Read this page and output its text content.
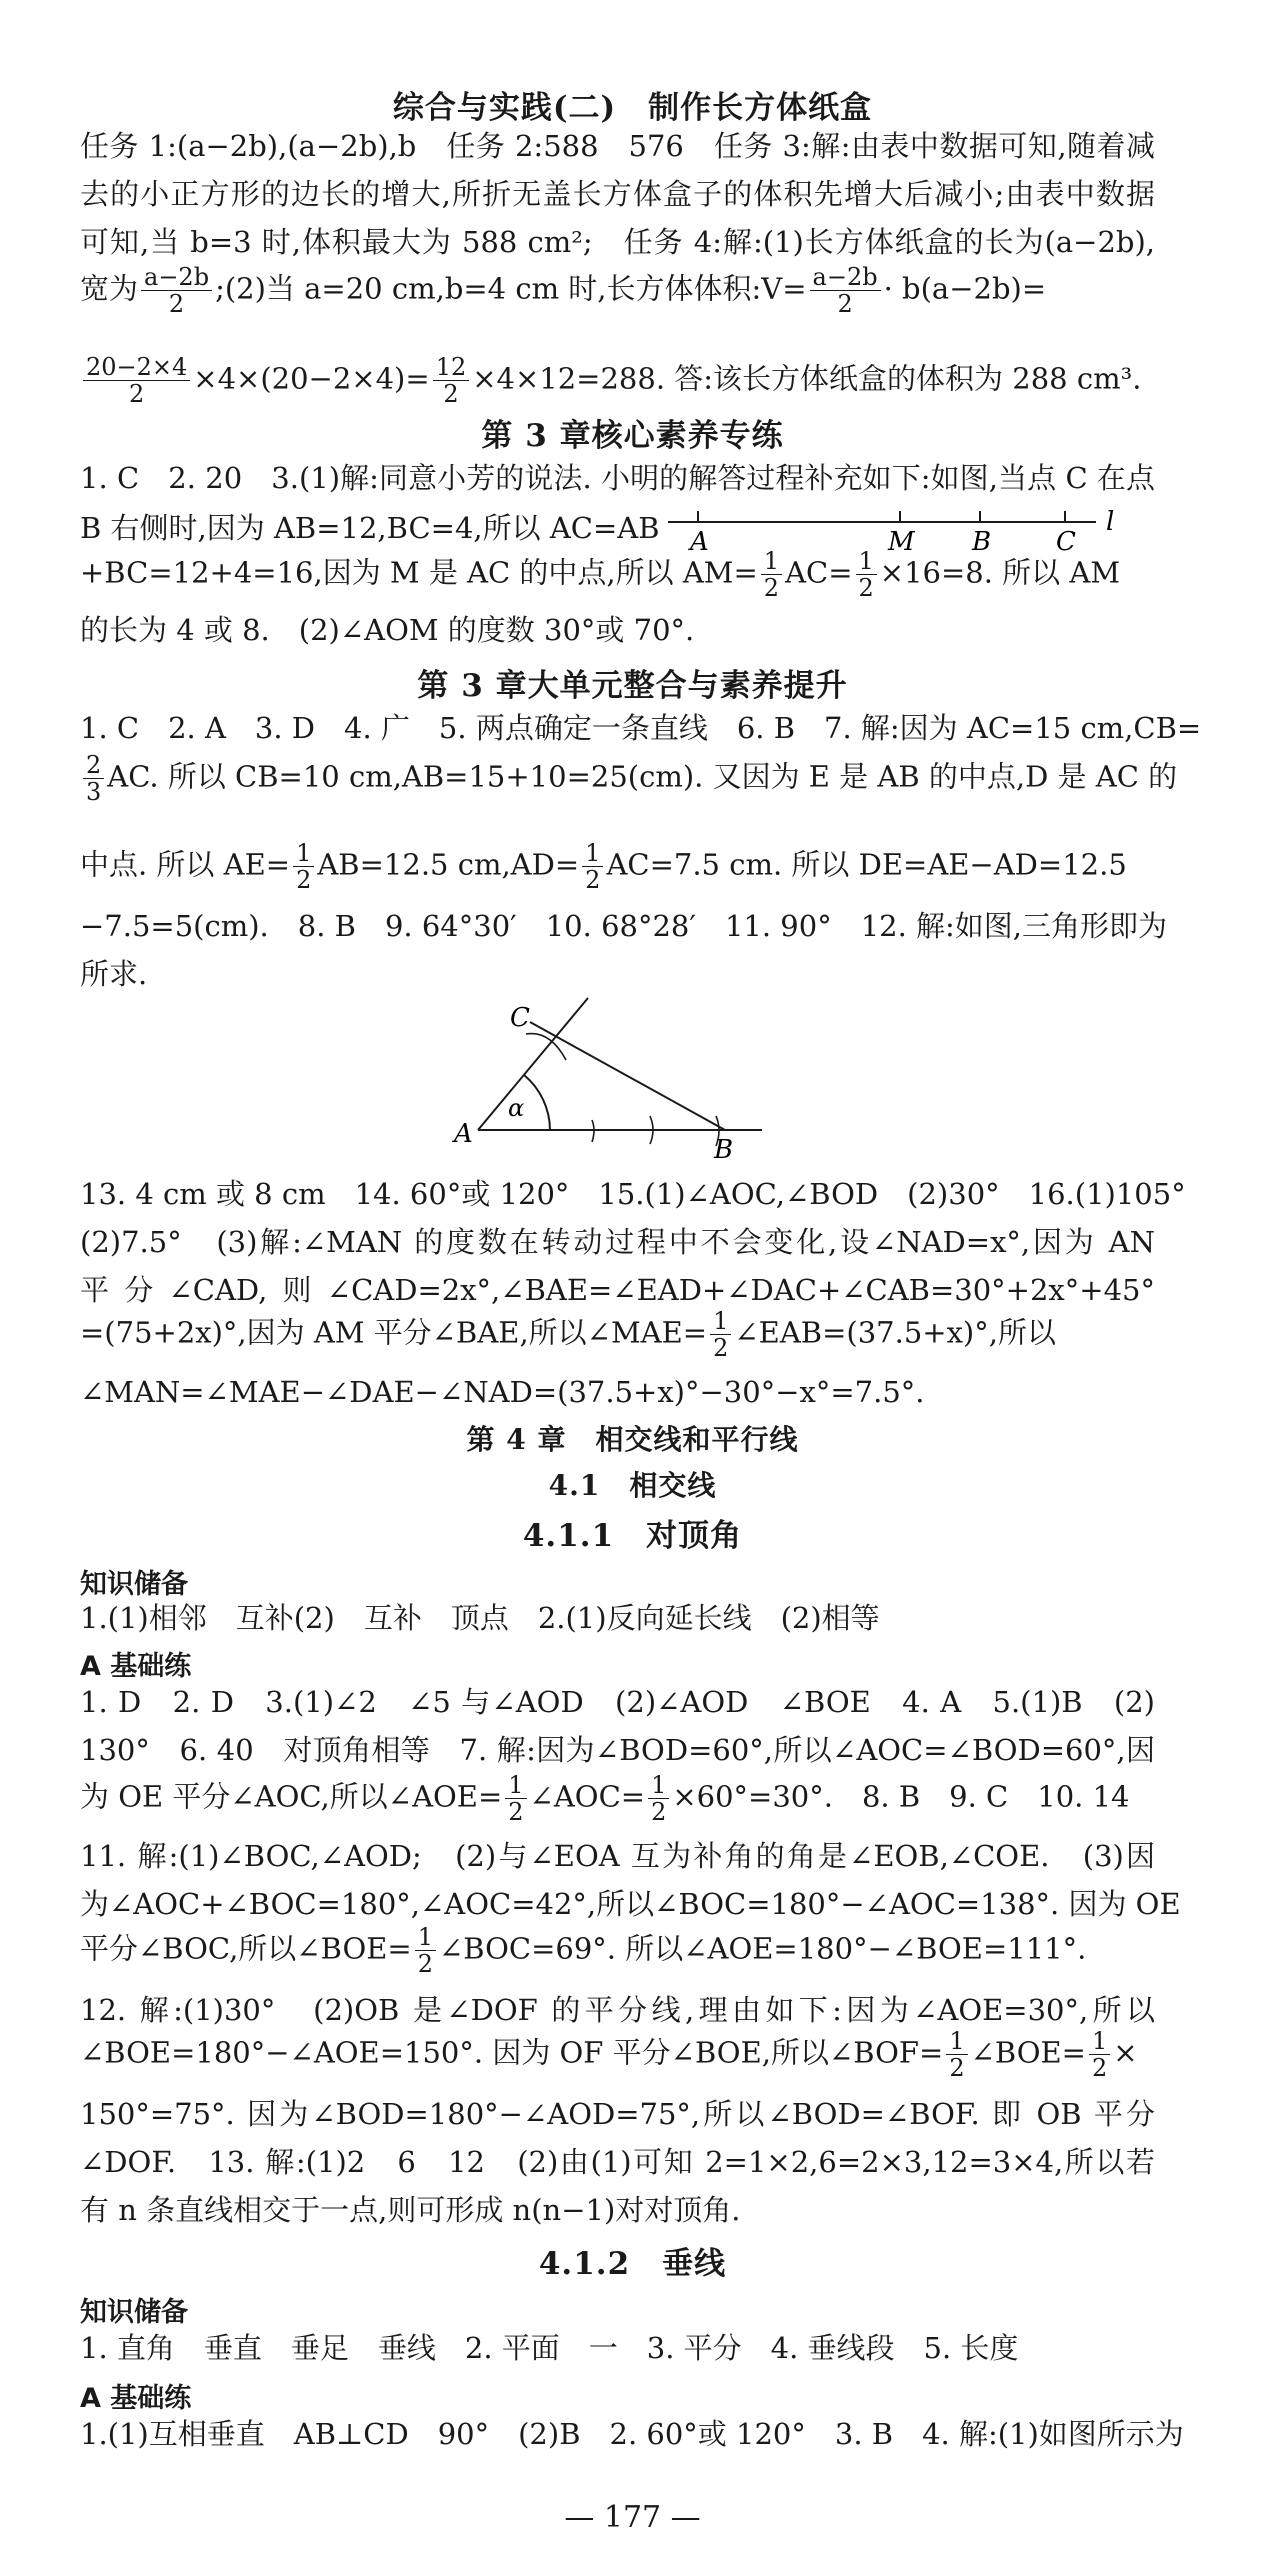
综合与实践(二)　制作长方体纸盒
任务 1:(a−2b),(a−2b),b　任务 2:588　576　任务 3:解:由表中数据可知,随着减
去的小正方形的边长的增大,所折无盖长方体盒子的体积先增大后减小;由表中数据
可知,当 b=3 时,体积最大为 588 cm²;　任务 4:解:(1)长方体纸盒的长为(a−2b),
宽为 $\frac{a-2b}{2}$ ;(2)当 a=20 cm,b=4 cm 时,长方体体积:V= $\frac{a-2b}{2} \cdot b(a-2b)=$
$\frac{20-2\times 4}{2} \times 4\times(20-2\times 4)= \frac{12}{2} \times 4\times 12=288$. 答:该长方体纸盒的体积为 288 cm³.
第 3 章核心素养专练
1. C　2. 20　3.(1)解:同意小芳的说法. 小明的解答过程补充如下:如图,当点 C 在点
B 右侧时,因为 AB=12,BC=4,所以 AC=AB A	M B C
l
+BC=12+4=16,因为 M 是 AC 的中点,所以 $AM= \frac{1}{2} AC= \frac{1}{2} \times 16=8$. 所以 AM
的长为 4 或 8.　(2)∠AOM 的度数 30°或 70°.
第 3 章大单元整合与素养提升
1. C　2. A　3. D　4. 广　5. 两点确定一条直线　6. B　7. 解:因为 AC=15 cm,CB=
$\frac{2}{3}$ AC. 所以 CB=10 cm,AB=15+10=25(cm). 又因为 E 是 AB 的中点,D 是 AC 的
中点. 所以 $AE= \frac{1}{2} AB=12.5$ $cm,AD= \frac{1}{2} AC=7.5$ cm. 所以 DE=AE−AD=12.5
−7.5=5(cm).　8. B　9. 64°30′　10. 68°28′　11. 90°　12. 解:如图,三角形即为
所求.
C
A
B
α
13. 4 cm 或 8 cm　14. 60°或 120°　15.(1)∠AOC,∠BOD　(2)30°　16.(1)105°
(2)7.5°　(3)解:∠MAN 的度数在转动过程中不会变化,设∠NAD=x°,因为 AN
平分∠CAD,则∠CAD=2x°,∠BAE=∠EAD+∠DAC+∠CAB=30°+2x°+45°
=(75+2x)°,因为 AM 平分∠BAE,所以∠MAE= $\frac{1}{2}$ ∠EAB=(37.5+x)°,所以
∠MAN=∠MAE−∠DAE−∠NAD=(37.5+x)°−30°−x°=7.5°.
第 4 章　相交线和平行线
4.1　相交线
4.1.1　对顶角
知识储备
1.(1)相邻　互补(2)　互补　顶点　2.(1)反向延长线　(2)相等
A 基础练
1. D　2. D　3.(1)∠2　∠5 与∠AOD　(2)∠AOD　∠BOE　4. A　5.(1)B　(2)
130°　6. 40　对顶角相等　7. 解:因为∠BOD=60°,所以∠AOC=∠BOD=60°,因
为 OE 平分∠AOC,所以∠AOE= $\frac{1}{2}$ ∠AOC= $\frac{1}{2} \times 60^\circ=30^\circ$.　8. B　9. C　10. 14
11. 解:(1)∠BOC,∠AOD;　(2)与∠EOA 互为补角的角是∠EOB,∠COE.　(3)因
为∠AOC+∠BOC=180°,∠AOC=42°,所以∠BOC=180°−∠AOC=138°. 因为 OE
平分∠BOC,所以∠BOE= $\frac{1}{2}$ ∠BOC=69°. 所以∠AOE=180°−∠BOE=111°.
12. 解:(1)30°　(2)OB 是∠DOF 的平分线,理由如下:因为∠AOE=30°,所以
∠BOE=180°−∠AOE=150°. 因为 OF 平分∠BOE,所以∠BOF= $\frac{1}{2}$ ∠BOE= $\frac{1}{2}$ ×
150°=75°. 因为∠BOD=180°−∠AOD=75°,所以∠BOD=∠BOF. 即 OB 平分
∠DOF.　13. 解:(1)2　6　12　(2)由(1)可知 2=1×2,6=2×3,12=3×4,所以若
有 n 条直线相交于一点,则可形成 n(n−1)对对顶角.
4.1.2　垂线
知识储备
1. 直角　垂直　垂足　垂线　2. 平面　一　3. 平分　4. 垂线段　5. 长度
A 基础练
1.(1)互相垂直　AB⊥CD　90°　(2)B　2. 60°或 120°　3. B　4. 解:(1)如图所示为
— 177 —
